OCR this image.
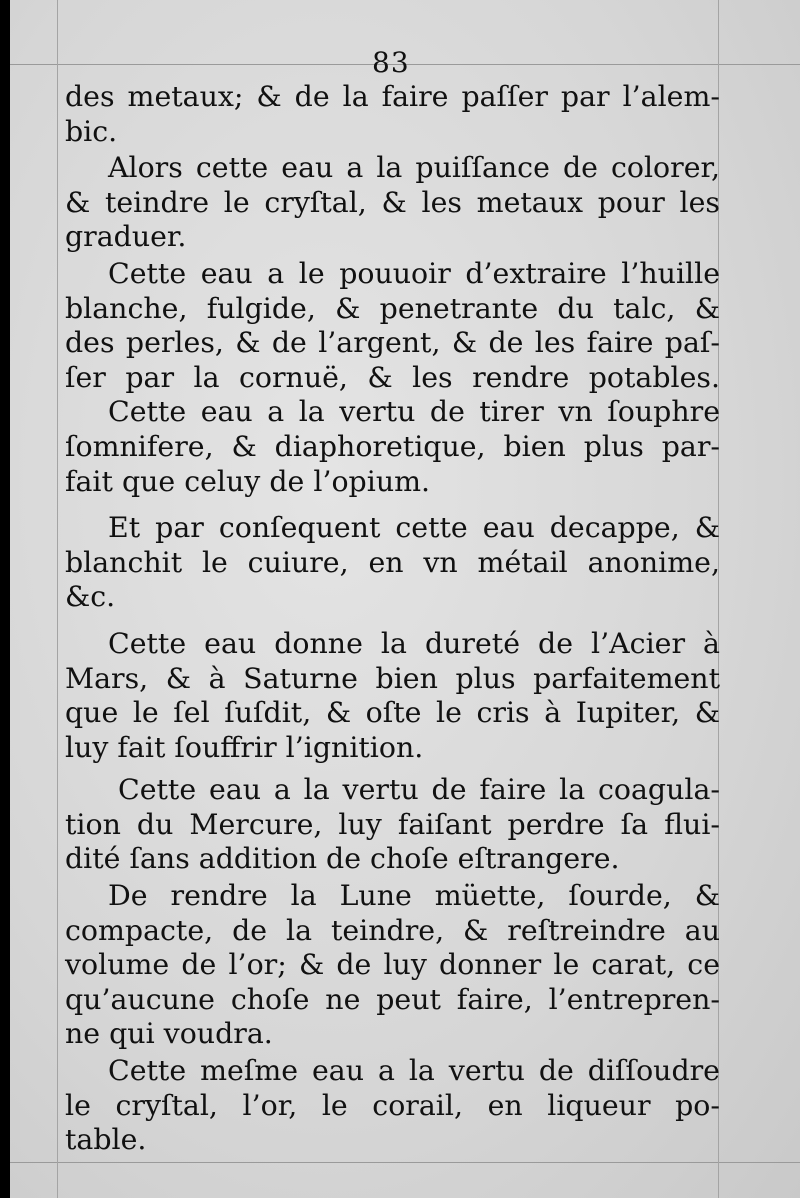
83
des metaux; & de la faire paſſer par l’alem-
bic.
Alors cette eau a la puiſſance de colorer,
& teindre le cryſtal, & les metaux pour les
graduer.
Cette eau a le pouuoir d’extraire l’huille
blanche, fulgide, & penetrante du talc, &
des perles, & de l’argent, & de les faire paſ-
ſer par la cornuë, & les rendre potables.
Cette eau a la vertu de tirer vn ſouphre
ſomnifere, & diaphoretique, bien plus par-
fait que celuy de l’opium.
Et par conſequent cette eau decappe, &
blanchit le cuiure, en vn métail anonime,
&c.
Cette eau donne la dureté de l’Acier à
Mars, & à Saturne bien plus parfaitement
que le ſel ſuſdit, & oſte le cris à Iupiter, &
luy fait ſouffrir l’ignition.
Cette eau a la vertu de faire la coagula-
tion du Mercure, luy faiſant perdre ſa flui-
dité ſans addition de choſe eſtrangere.
De rendre la Lune müette, ſourde, &
compacte, de la teindre, & reſtreindre au
volume de l’or; & de luy donner le carat, ce
qu’aucune choſe ne peut faire, l’entrepren-
ne qui voudra.
Cette meſme eau a la vertu de diſſoudre
le cryſtal, l’or, le corail, en liqueur po-
table.
